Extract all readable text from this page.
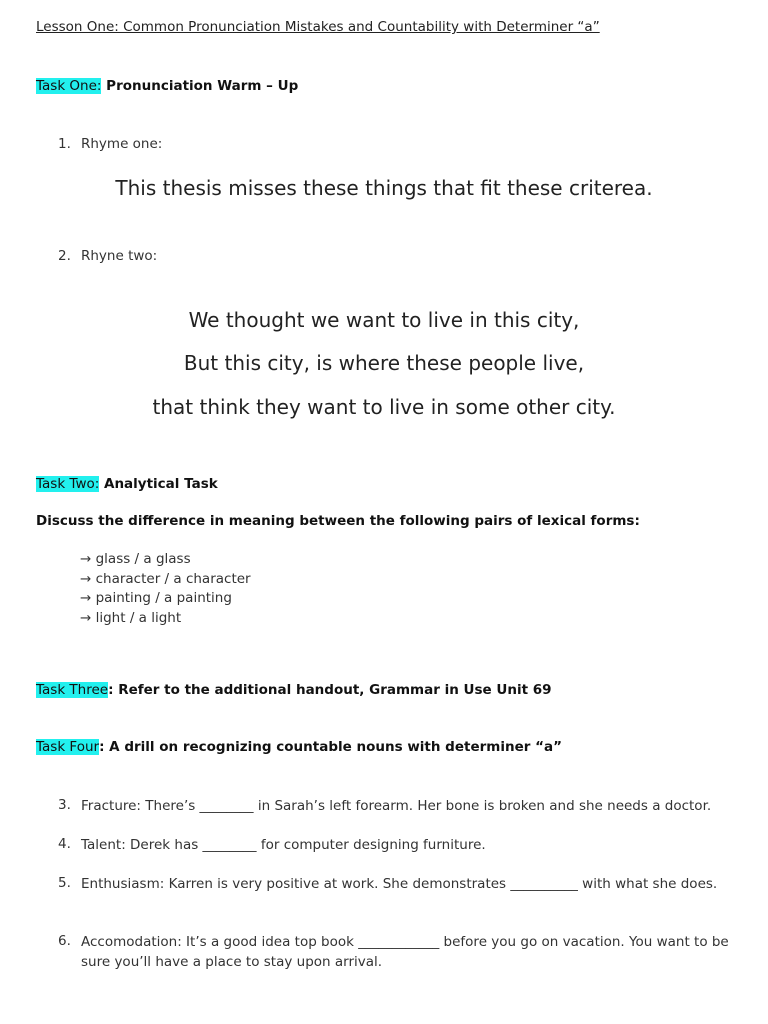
Lesson One: Common Pronunciation Mistakes and Countability with Determiner “a”
Task One: Pronunciation Warm – Up
1. Rhyme one:
This thesis misses these things that fit these criterea.
2. Rhyne two:
We thought we want to live in this city,
But this city, is where these people live,
that think they want to live in some other city.
Task Two: Analytical Task
Discuss the difference in meaning between the following pairs of lexical forms:
→ glass / a glass
→ character / a character
→ painting / a painting
→ light / a light
Task Three: Refer to the additional handout, Grammar in Use Unit 69
Task Four: A drill on recognizing countable nouns with determiner “a”
3. Fracture: There’s ________ in Sarah’s left forearm. Her bone is broken and she needs a doctor.
4. Talent: Derek has ________ for computer designing furniture.
5. Enthusiasm: Karren is very positive at work. She demonstrates __________ with what she does.
6. Accomodation: It’s a good idea top book ____________ before you go on vacation. You want to be sure you’ll have a place to stay upon arrival.
